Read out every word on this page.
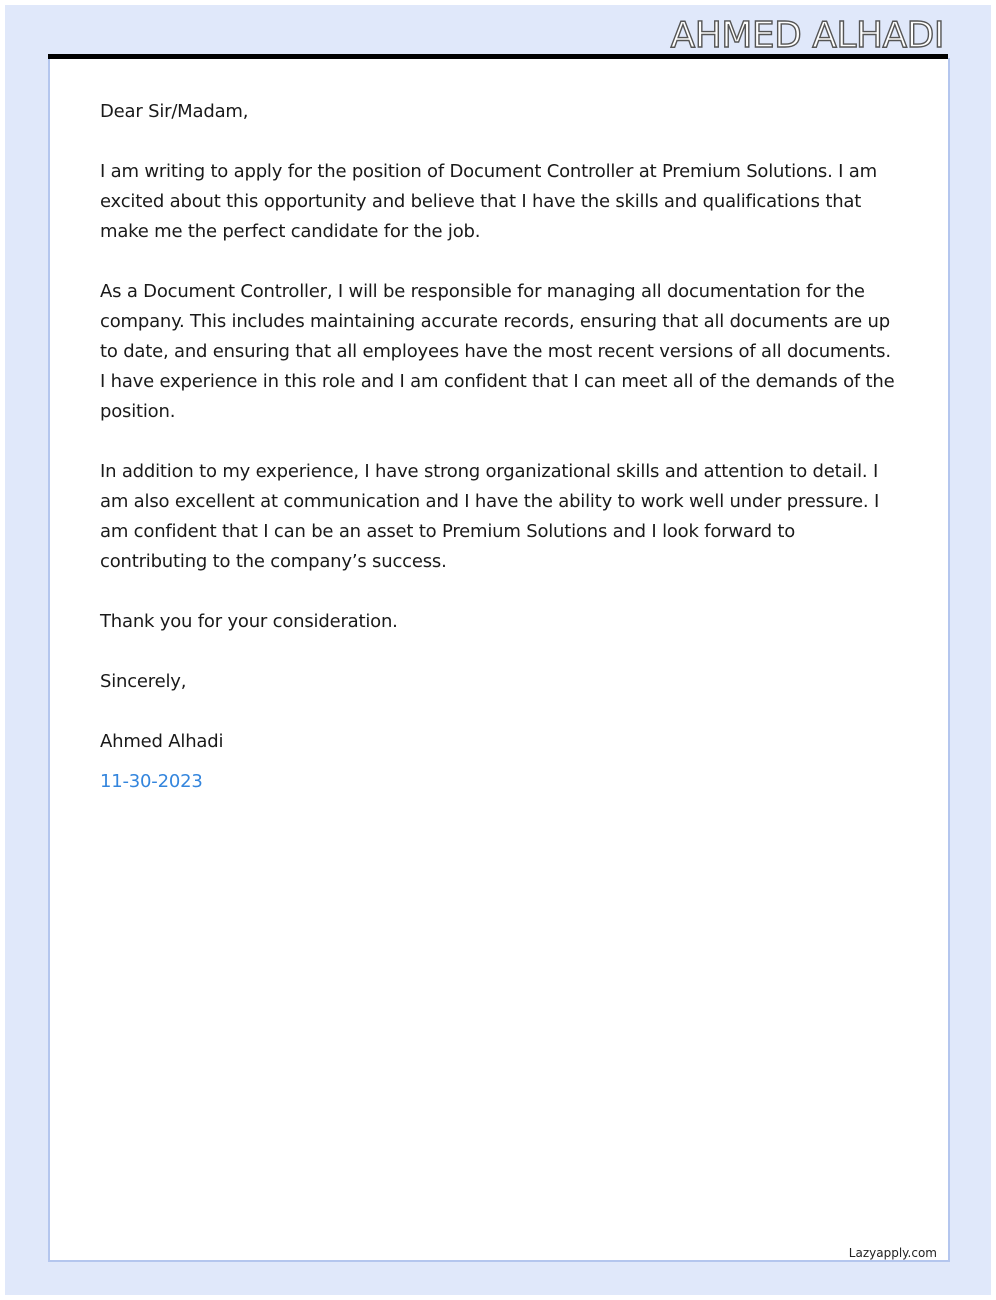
AHMED ALHADI

Dear Sir/Madam,

I am writing to apply for the position of Document Controller at Premium Solutions. I am excited about this opportunity and believe that I have the skills and qualifications that make me the perfect candidate for the job.

As a Document Controller, I will be responsible for managing all documentation for the company. This includes maintaining accurate records, ensuring that all documents are up to date, and ensuring that all employees have the most recent versions of all documents. I have experience in this role and I am confident that I can meet all of the demands of the position.

In addition to my experience, I have strong organizational skills and attention to detail. I am also excellent at communication and I have the ability to work well under pressure. I am confident that I can be an asset to Premium Solutions and I look forward to contributing to the company’s success.

Thank you for your consideration.

Sincerely,

Ahmed Alhadi

11-30-2023

Lazyapply.com
